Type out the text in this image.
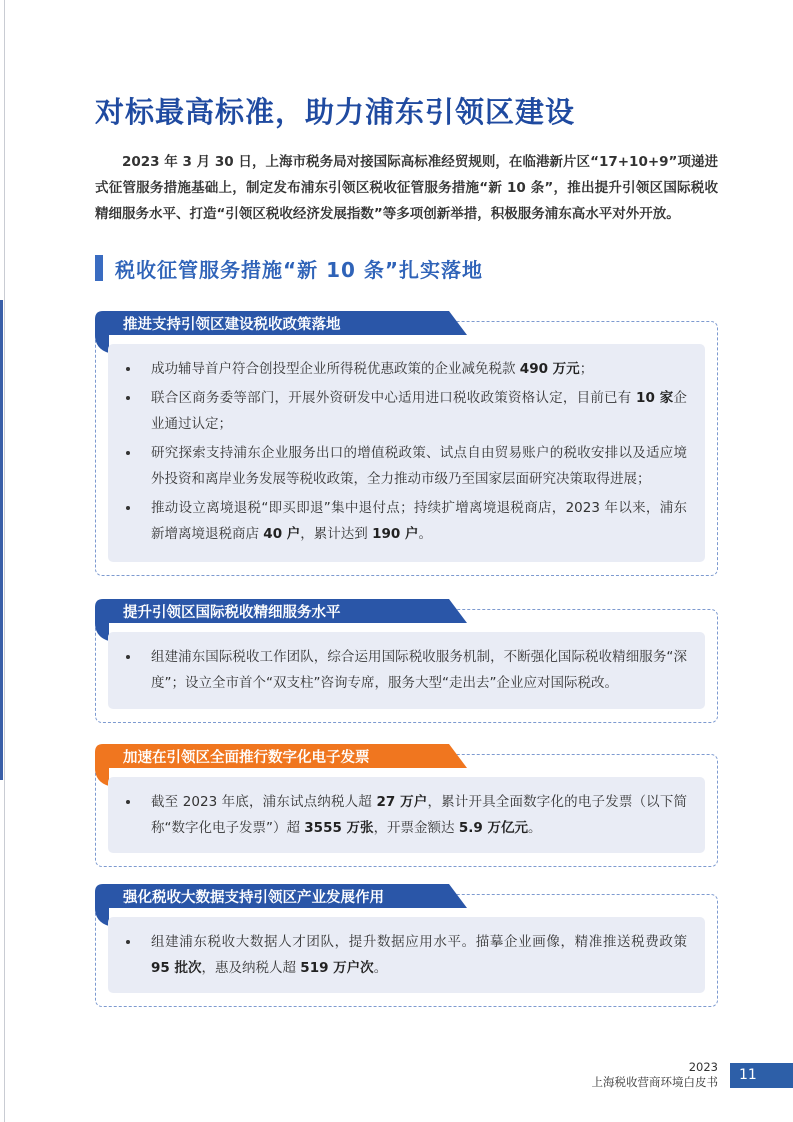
对标最高标准，助力浦东引领区建设

2023 年 3 月 30 日，上海市税务局对接国际高标准经贸规则，在临港新片区“17+10+9”项递进式征管服务措施基础上，制定发布浦东引领区税收征管服务措施“新 10 条”，推出提升引领区国际税收精细服务水平、打造“引领区税收经济发展指数”等多项创新举措，积极服务浦东高水平对外开放。

税收征管服务措施“新 10 条”扎实落地
推进支持引领区建设税收政策落地
成功辅导首户符合创投型企业所得税优惠政策的企业减免税款 490 万元；
联合区商务委等部门，开展外资研发中心适用进口税收政策资格认定，目前已有 10 家企业通过认定；
研究探索支持浦东企业服务出口的增值税政策、试点自由贸易账户的税收安排以及适应境外投资和离岸业务发展等税收政策，全力推动市级乃至国家层面研究决策取得进展；
推动设立离境退税“即买即退”集中退付点；持续扩增离境退税商店，2023 年以来，浦东新增离境退税商店 40 户，累计达到 190 户。
提升引领区国际税收精细服务水平
组建浦东国际税收工作团队，综合运用国际税收服务机制，不断强化国际税收精细服务“深度”；设立全市首个“双支柱”咨询专席，服务大型“走出去”企业应对国际税改。
加速在引领区全面推行数字化电子发票
截至 2023 年底，浦东试点纳税人超 27 万户，累计开具全面数字化的电子发票（以下简称“数字化电子发票”）超 3555 万张，开票金额达 5.9 万亿元。
强化税收大数据支持引领区产业发展作用
组建浦东税收大数据人才团队，提升数据应用水平。描摹企业画像，精准推送税费政策 95 批次，惠及纳税人超 519 万户次。
2023
上海税收营商环境白皮书	11
